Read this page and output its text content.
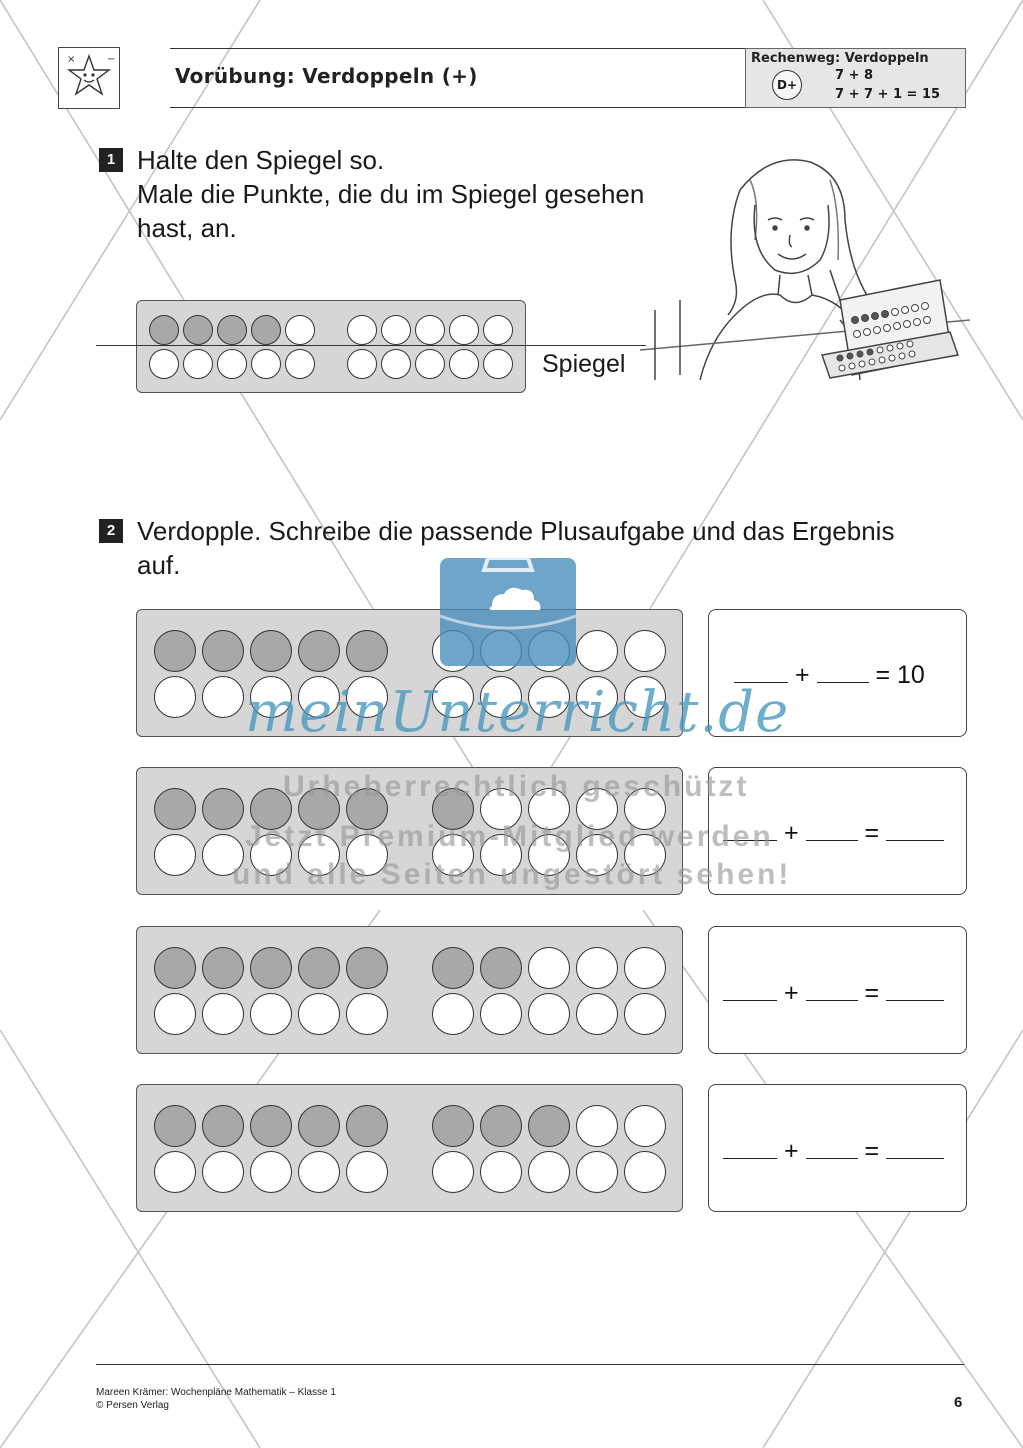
×	−
Vorübung: Verdoppeln (+)
Rechenweg: Verdoppeln
D+
7 + 8
7 + 7 + 1 = 15
1 Halte den Spiegel so.
Male die Punkte, die du im Spiegel gesehen
hast, an.
Spiegel
2 Verdopple. Schreibe die passende Plusaufgabe und das Ergebnis
auf.
+	= 10
+	=
+	=
+	=
meinUnterricht.de
Urheberrechtlich geschützt
Jetzt Premium-Mitglied werden
und alle Seiten ungestört sehen!
Mareen Krämer: Wochenpläne Mathematik – Klasse 1
© Persen Verlag	6
